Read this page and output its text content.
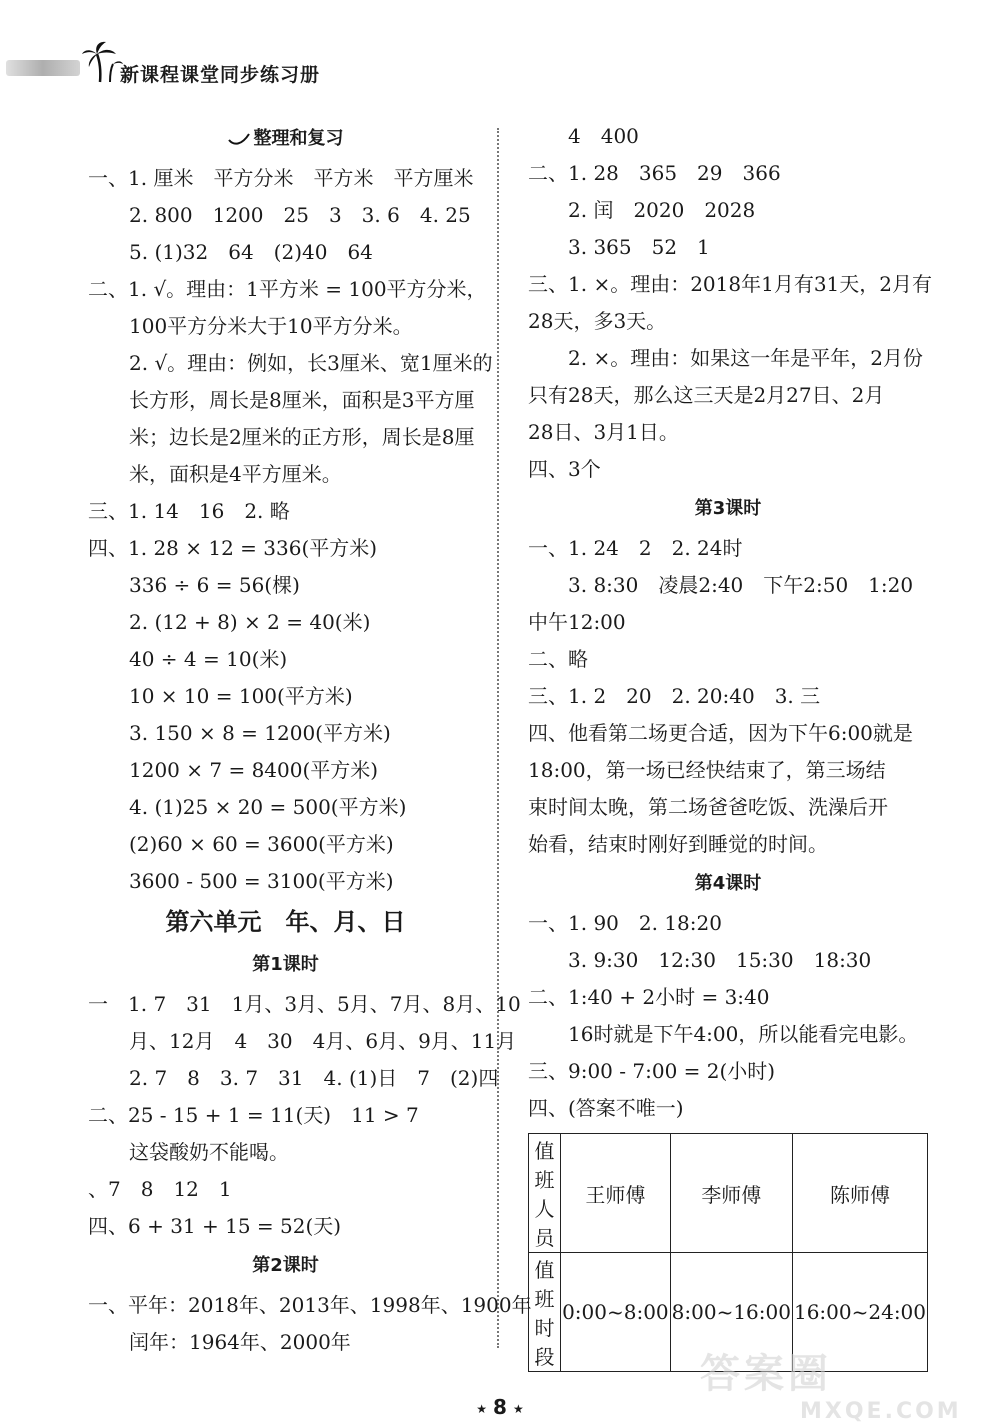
新课程课堂同步练习册
整理和复习
一、1. 厘米　平方分米　平方米　平方厘米
2. 800　1200　25　3　3. 6　4. 25
5. (1)32　64　(2)40　64
二、1. √。理由：1平方米 = 100平方分米，
100平方分米大于10平方分米。
2. √。理由：例如，长3厘米、宽1厘米的
长方形，周长是8厘米，面积是3平方厘
米；边长是2厘米的正方形，周长是8厘
米，面积是4平方厘米。
三、1. 14　16　2. 略
四、1. 28 × 12 = 336(平方米)
336 ÷ 6 = 56(棵)
2. (12 + 8) × 2 = 40(米)
40 ÷ 4 = 10(米)
10 × 10 = 100(平方米)
3. 150 × 8 = 1200(平方米)
1200 × 7 = 8400(平方米)
4. (1)25 × 20 = 500(平方米)
(2)60 × 60 = 3600(平方米)
3600 - 500 = 3100(平方米)
第六单元　年、月、日
第1课时
一　1. 7　31　1月、3月、5月、7月、8月、10
月、12月　4　30　4月、6月、9月、11月
2. 7　8　3. 7　31　4. (1)日　7　(2)四
二、25 - 15 + 1 = 11(天)　11 > 7
这袋酸奶不能喝。
、7　8　12　1
四、6 + 31 + 15 = 52(天)
第2课时
一、平年：2018年、2013年、1998年、1900年
闰年：1964年、2000年
4　400
二、1. 28　365　29　366
2. 闰　2020　2028
3. 365　52　1
三、1. ×。理由：2018年1月有31天，2月有
28天，多3天。
2. ×。理由：如果这一年是平年，2月份
只有28天，那么这三天是2月27日、2月
28日、3月1日。
四、3个
第3课时
一、1. 24　2　2. 24时
3. 8:30　凌晨2:40　下午2:50　1:20
中午12:00
二、略
三、1. 2　20　2. 20:40　3. 三
四、他看第二场更合适，因为下午6:00就是
18:00，第一场已经快结束了，第三场结
束时间太晚，第二场爸爸吃饭、洗澡后开
始看，结束时刚好到睡觉的时间。
第4课时
一、1. 90　2. 18:20
3. 9:30　12:30　15:30　18:30
二、1:40 + 2小时 = 3:40
16时就是下午4:00，所以能看完电影。
三、9:00 - 7:00 = 2(小时)
四、(答案不唯一)
值班
人员	王师傅	李师傅	陈师傅

值班
时段	0:00~8:00	8:00~16:00	16:00~24:00
★ 8 ★
答案圈
MXQE.COM
